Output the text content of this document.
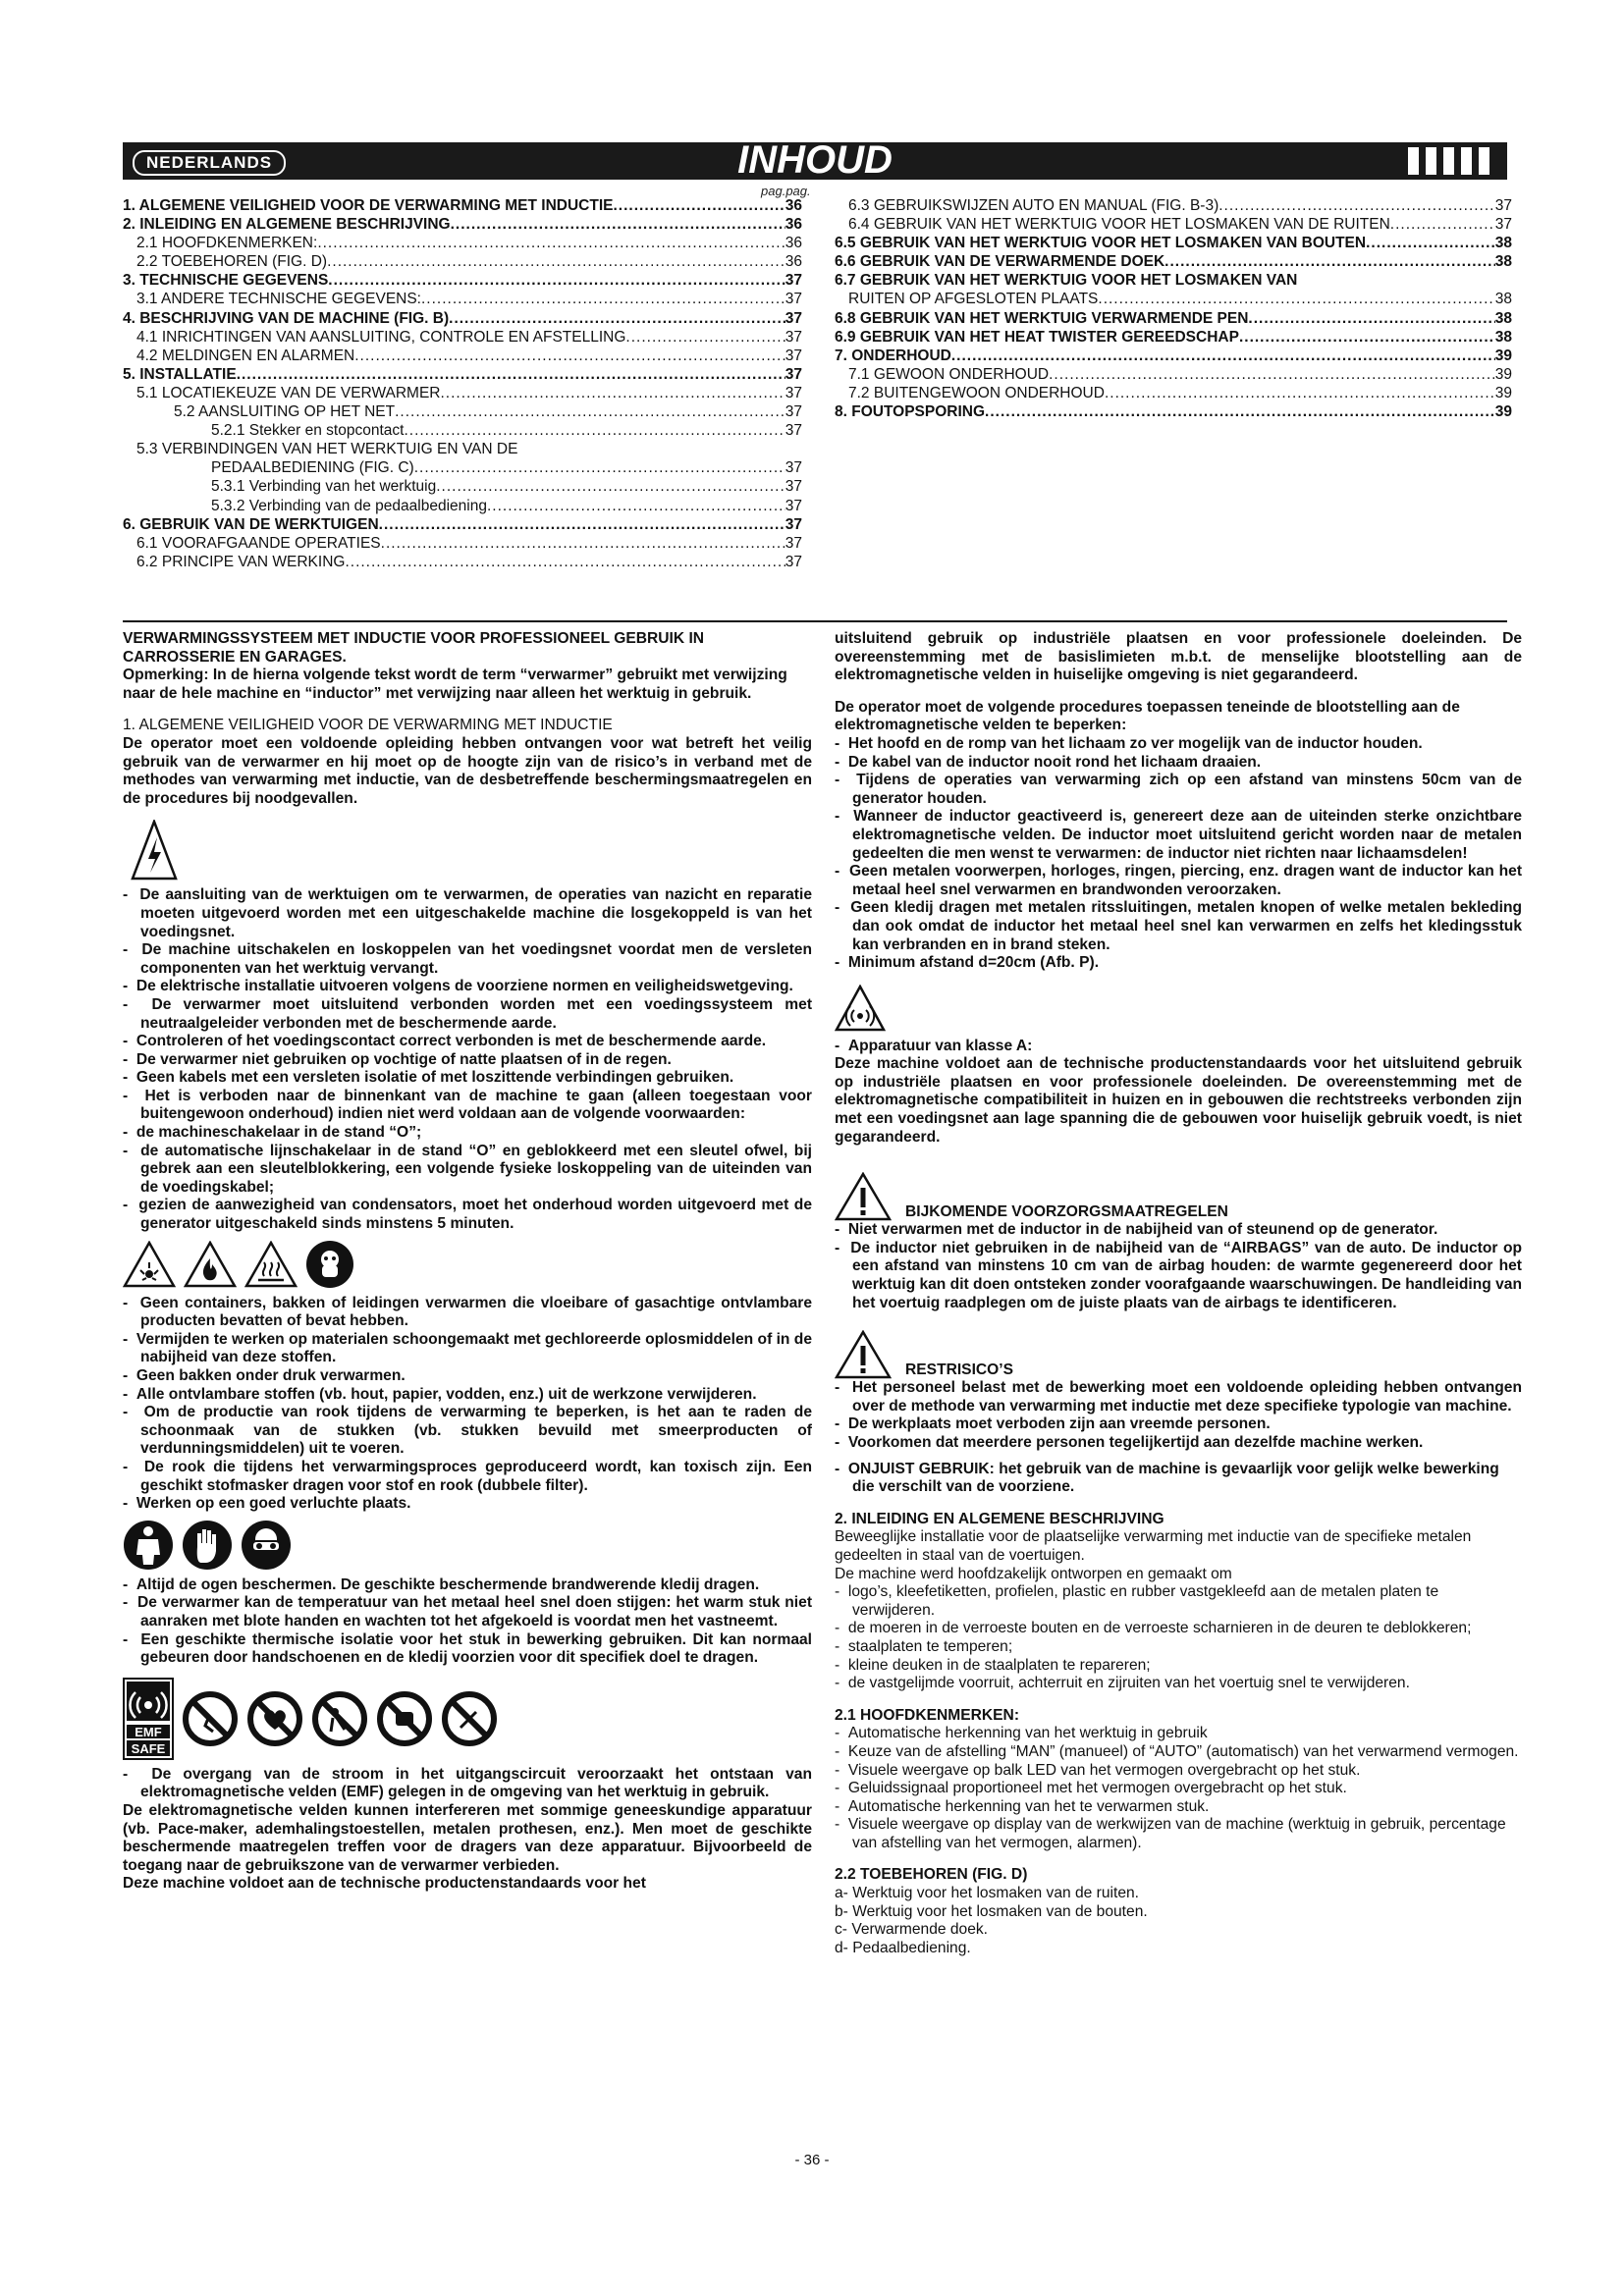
NEDERLANDS	INHOUD
pag.pag.
1. ALGEMENE VEILIGHEID VOOR DE VERWARMING MET INDUCTIE .....	36
2. INLEIDING EN ALGEMENE BESCHRIJVING .....	36
2.1 HOOFDKENMERKEN: .....	36
2.2 TOEBEHOREN (FIG. D) .....	36
3. TECHNISCHE GEGEVENS .....	37
3.1 ANDERE TECHNISCHE GEGEVENS: .....	37
4. BESCHRIJVING VAN DE MACHINE (FIG. B) .....	37
4.1 INRICHTINGEN VAN AANSLUITING, CONTROLE EN AFSTELLING .....	37
4.2 MELDINGEN EN ALARMEN .....	37
5. INSTALLATIE .....	37
5.1 LOCATIEKEUZE VAN DE VERWARMER .....	37
5.2 AANSLUITING OP HET NET .....	37
5.2.1 Stekker en stopcontact .....	37
5.3 VERBINDINGEN VAN HET WERKTUIG EN VAN DE
PEDAALBEDIENING (FIG. C) .....	37
5.3.1 Verbinding van het werktuig .....	37
5.3.2 Verbinding van de pedaalbediening .....	37
6. GEBRUIK VAN DE WERKTUIGEN .....	37
6.1 VOORAFGAANDE OPERATIES .....	37
6.2 PRINCIPE VAN WERKING .....	37
6.3 GEBRUIKSWIJZEN AUTO EN MANUAL (FIG. B-3) .....	37
6.4 GEBRUIK VAN HET WERKTUIG VOOR HET LOSMAKEN VAN DE RUITEN .....	37
6.5 GEBRUIK VAN HET WERKTUIG VOOR HET LOSMAKEN VAN BOUTEN .....	38
6.6 GEBRUIK VAN DE VERWARMENDE DOEK .....	38
6.7 GEBRUIK VAN HET WERKTUIG VOOR HET LOSMAKEN VAN
RUITEN OP AFGESLOTEN PLAATS .....	38
6.8 GEBRUIK VAN HET WERKTUIG VERWARMENDE PEN .....	38
6.9 GEBRUIK VAN HET HEAT TWISTER GEREEDSCHAP .....	38
7. ONDERHOUD .....	39
7.1 GEWOON ONDERHOUD .....	39
7.2 BUITENGEWOON ONDERHOUD .....	39
8. FOUTOPSPORING .....	39

VERWARMINGSSYSTEEM MET INDUCTIE VOOR PROFESSIONEEL GEBRUIK IN CARROSSERIE EN GARAGES.

Opmerking: In de hierna volgende tekst wordt de term “verwarmer” gebruikt met verwijzing naar de hele machine en “inductor” met verwijzing naar alleen het werktuig in gebruik.

1. ALGEMENE VEILIGHEID VOOR DE VERWARMING MET INDUCTIE

De operator moet een voldoende opleiding hebben ontvangen voor wat betreft het veilig gebruik van de verwarmer en hij moet op de hoogte zijn van de risico’s in verband met de methodes van verwarming met inductie, van de desbetreffende beschermingsmaatregelen en de procedures bij noodgevallen.

-  De aansluiting van de werktuigen om te verwarmen, de operaties van nazicht en reparatie moeten uitgevoerd worden met een uitgeschakelde machine die losgekoppeld is van het voedingsnet.
-  De machine uitschakelen en loskoppelen van het voedingsnet voordat men de versleten componenten van het werktuig vervangt.
-  De elektrische installatie uitvoeren volgens de voorziene normen en veiligheidswetgeving.
-  De verwarmer moet uitsluitend verbonden worden met een voedingssysteem met neutraalgeleider verbonden met de beschermende aarde.
-  Controleren of het voedingscontact correct verbonden is met de beschermende aarde.
-  De verwarmer niet gebruiken op vochtige of natte plaatsen of in de regen.
-  Geen kabels met een versleten isolatie of met loszittende verbindingen gebruiken.
-  Het is verboden naar de binnenkant van de machine te gaan (alleen toegestaan voor buitengewoon onderhoud) indien niet werd voldaan aan de volgende voorwaarden:
-  de machineschakelaar in de stand “O”;
-  de automatische lijnschakelaar in de stand “O” en geblokkeerd met een sleutel ofwel, bij gebrek aan een sleutelblokkering, een volgende fysieke loskoppeling van de uiteinden van de voedingskabel;
-  gezien de aanwezigheid van condensators, moet het onderhoud worden uitgevoerd met de generator uitgeschakeld sinds minstens 5 minuten.
-  Geen containers, bakken of leidingen verwarmen die vloeibare of gasachtige ontvlambare producten bevatten of bevat hebben.
-  Vermijden te werken op materialen schoongemaakt met gechloreerde oplosmiddelen of in de nabijheid van deze stoffen.
-  Geen bakken onder druk verwarmen.
-  Alle ontvlambare stoffen (vb. hout, papier, vodden, enz.) uit de werkzone verwijderen.
-  Om de productie van rook tijdens de verwarming te beperken, is het aan te raden de schoonmaak van de stukken (vb. stukken bevuild met smeerproducten of verdunningsmiddelen) uit te voeren.
-  De rook die tijdens het verwarmingsproces geproduceerd wordt, kan toxisch zijn. Een geschikt stofmasker dragen voor stof en rook (dubbele filter).
-  Werken op een goed verluchte plaats.
-  Altijd de ogen beschermen. De geschikte beschermende brandwerende kledij dragen.
-  De verwarmer kan de temperatuur van het metaal heel snel doen stijgen: het warm stuk niet aanraken met blote handen en wachten tot het afgekoeld is voordat men het vastneemt.
-  Een geschikte thermische isolatie voor het stuk in bewerking gebruiken. Dit kan normaal gebeuren door handschoenen en de kledij voorzien voor dit specifiek doel te dragen.
EMF
SAFE
-  De overgang van de stroom in het uitgangscircuit veroorzaakt het ontstaan van elektromagnetische velden (EMF) gelegen in de omgeving van het werktuig in gebruik.

De elektromagnetische velden kunnen interfereren met sommige geneeskundige apparatuur (vb. Pace-maker, ademhalingstoestellen, metalen prothesen, enz.). Men moet de geschikte beschermende maatregelen treffen voor de dragers van deze apparatuur. Bijvoorbeeld de toegang naar de gebruikszone van de verwarmer verbieden.

Deze machine voldoet aan de technische productenstandaards voor het

uitsluitend gebruik op industriële plaatsen en voor professionele doeleinden. De overeenstemming met de basislimieten m.b.t. de menselijke blootstelling aan de elektromagnetische velden in huiselijke omgeving is niet gegarandeerd.

De operator moet de volgende procedures toepassen teneinde de blootstelling aan de elektromagnetische velden te beperken:

-  Het hoofd en de romp van het lichaam zo ver mogelijk van de inductor houden.
-  De kabel van de inductor nooit rond het lichaam draaien.
-  Tijdens de operaties van verwarming zich op een afstand van minstens 50cm van de generator houden.
-  Wanneer de inductor geactiveerd is, genereert deze aan de uiteinden sterke onzichtbare elektromagnetische velden. De inductor moet uitsluitend gericht worden naar de metalen gedeelten die men wenst te verwarmen: de inductor niet richten naar lichaamsdelen!
-  Geen metalen voorwerpen, horloges, ringen, piercing, enz. dragen want de inductor kan het metaal heel snel verwarmen en brandwonden veroorzaken.
-  Geen kledij dragen met metalen ritssluitingen, metalen knopen of welke metalen bekleding dan ook omdat de inductor het metaal heel snel kan verwarmen en zelfs het kledingsstuk kan verbranden en in brand steken.
-  Minimum afstand d=20cm (Afb. P).
-  Apparatuur van klasse A:

Deze machine voldoet aan de technische productenstandaards voor het uitsluitend gebruik op industriële plaatsen en voor professionele doeleinden. De overeenstemming met de elektromagnetische compatibiliteit in huizen en in gebouwen die rechtstreeks verbonden zijn met een voedingsnet aan lage spanning die de gebouwen voor huiselijk gebruik voedt, is niet gegarandeerd.

BIJKOMENDE VOORZORGSMAATREGELEN
-  Niet verwarmen met de inductor in de nabijheid van of steunend op de generator.
-  De inductor niet gebruiken in de nabijheid van de “AIRBAGS” van de auto. De inductor op een afstand van minstens 10 cm van de airbag houden: de warmte gegenereerd door het werktuig kan dit doen ontsteken zonder voorafgaande waarschuwingen. De handleiding van het voertuig raadplegen om de juiste plaats van de airbags te identificeren.
RESTRISICO’S
-  Het personeel belast met de bewerking moet een voldoende opleiding hebben ontvangen over de methode van verwarming met inductie met deze specifieke typologie van machine.
-  De werkplaats moet verboden zijn aan vreemde personen.
-  Voorkomen dat meerdere personen tegelijkertijd aan dezelfde machine werken.
-  ONJUIST GEBRUIK: het gebruik van de machine is gevaarlijk voor gelijk welke bewerking die verschilt van de voorziene.

2. INLEIDING EN ALGEMENE BESCHRIJVING

Beweeglijke installatie voor de plaatselijke verwarming met inductie van de specifieke metalen gedeelten in staal van de voertuigen.

De machine werd hoofdzakelijk ontworpen en gemaakt om

-  logo’s, kleefetiketten, profielen, plastic en rubber vastgekleefd aan de metalen platen te verwijderen.
-  de moeren in de verroeste bouten en de verroeste scharnieren in de deuren te deblokkeren;
-  staalplaten te temperen;
-  kleine deuken in de staalplaten te repareren;
-  de vastgelijmde voorruit, achterruit en zijruiten van het voertuig snel te verwijderen.

2.1 HOOFDKENMERKEN:

-  Automatische herkenning van het werktuig in gebruik
-  Keuze van de afstelling “MAN” (manueel) of “AUTO” (automatisch) van het verwarmend vermogen.
-  Visuele weergave op balk LED van het vermogen overgebracht op het stuk.
-  Geluidssignaal proportioneel met het vermogen overgebracht op het stuk.
-  Automatische herkenning van het te verwarmen stuk.
-  Visuele weergave op display van de werkwijzen van de machine (werktuig in gebruik, percentage van afstelling van het vermogen, alarmen).

2.2 TOEBEHOREN (FIG. D)

a- Werktuig voor het losmaken van de ruiten.
b- Werktuig voor het losmaken van de bouten.
c- Verwarmende doek.
d- Pedaalbediening.
- 36 -
